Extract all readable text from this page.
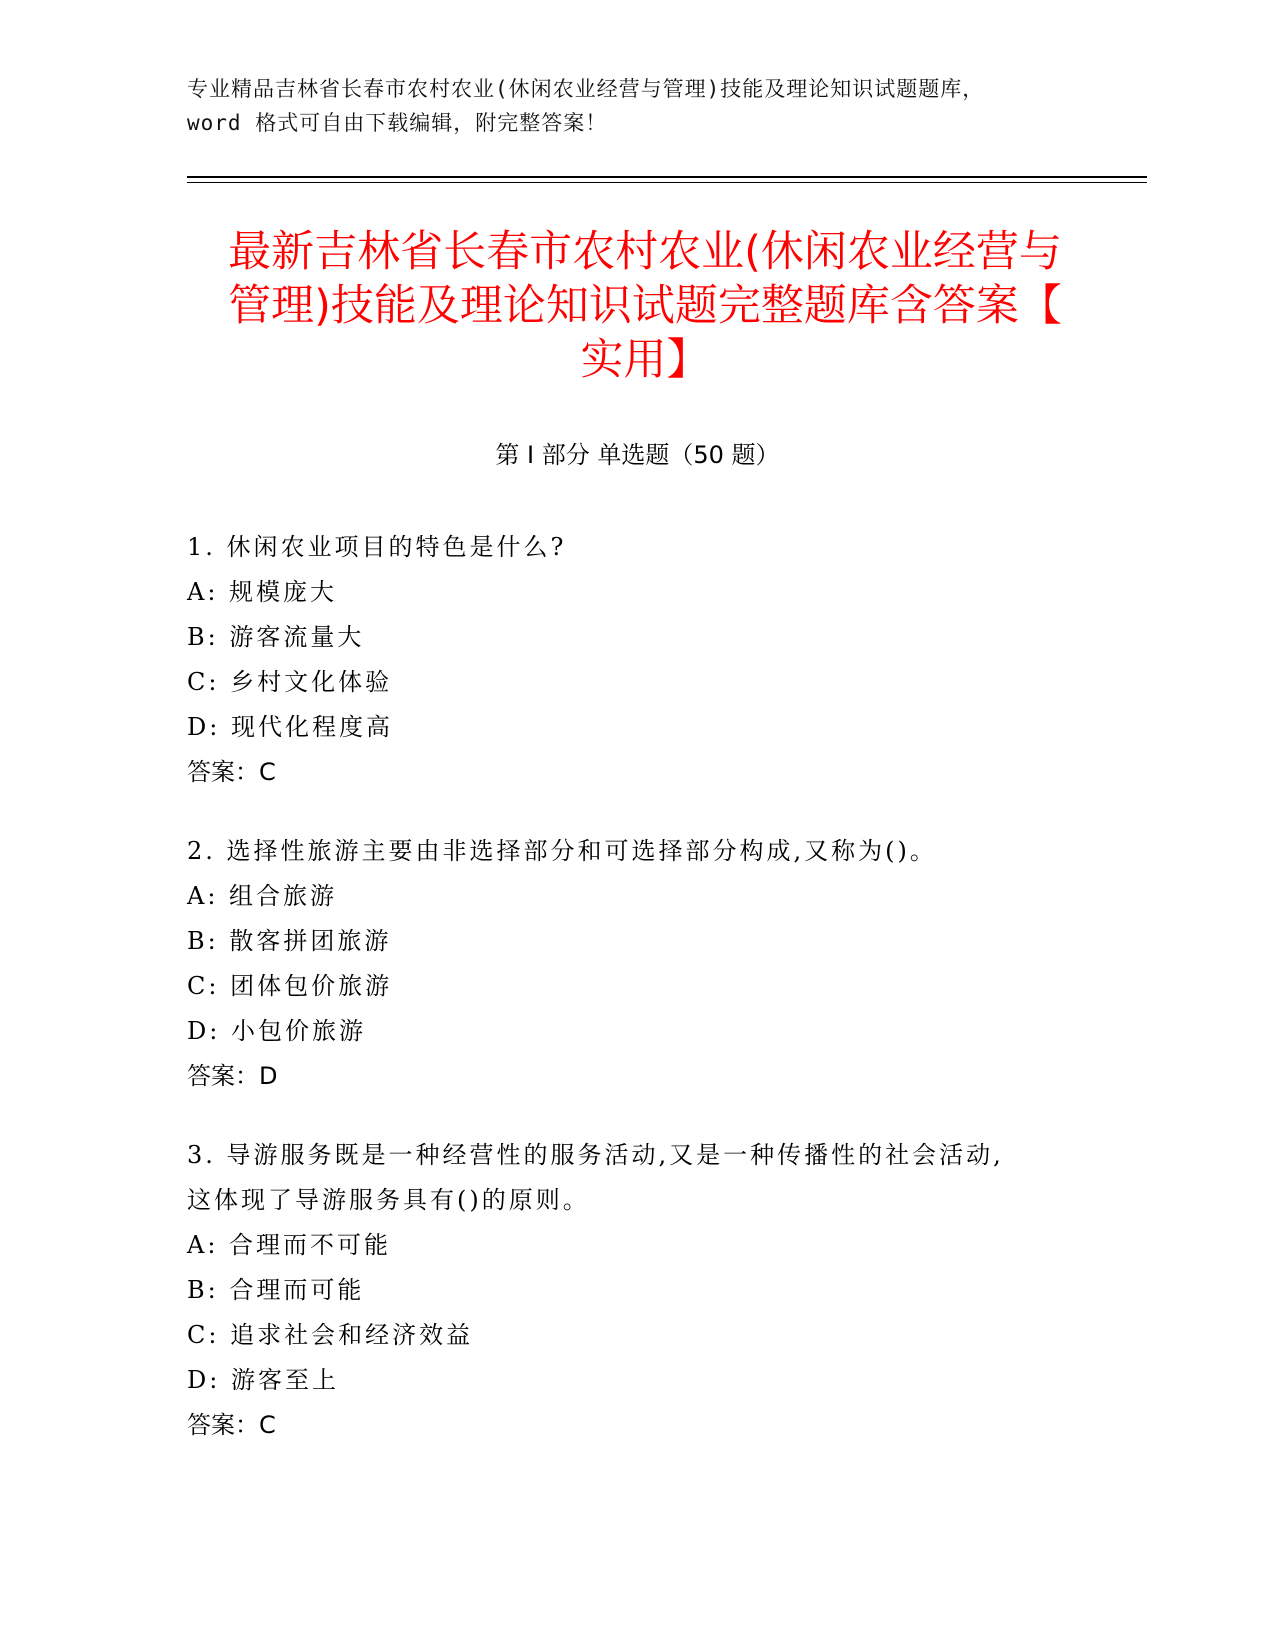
专业精品吉林省长春市农村农业(休闲农业经营与管理)技能及理论知识试题题库，
word 格式可自由下载编辑，附完整答案！
最新吉林省长春市农村农业(休闲农业经营与
管理)技能及理论知识试题完整题库含答案【
实用】
第 I 部分 单选题（50 题）
1. 休闲农业项目的特色是什么?
A: 规模庞大
B: 游客流量大
C: 乡村文化体验
D: 现代化程度高
答案：C
2. 选择性旅游主要由非选择部分和可选择部分构成,又称为()。
A: 组合旅游
B: 散客拼团旅游
C: 团体包价旅游
D: 小包价旅游
答案：D
3. 导游服务既是一种经营性的服务活动,又是一种传播性的社会活动,
这体现了导游服务具有()的原则。
A: 合理而不可能
B: 合理而可能
C: 追求社会和经济效益
D: 游客至上
答案：C
